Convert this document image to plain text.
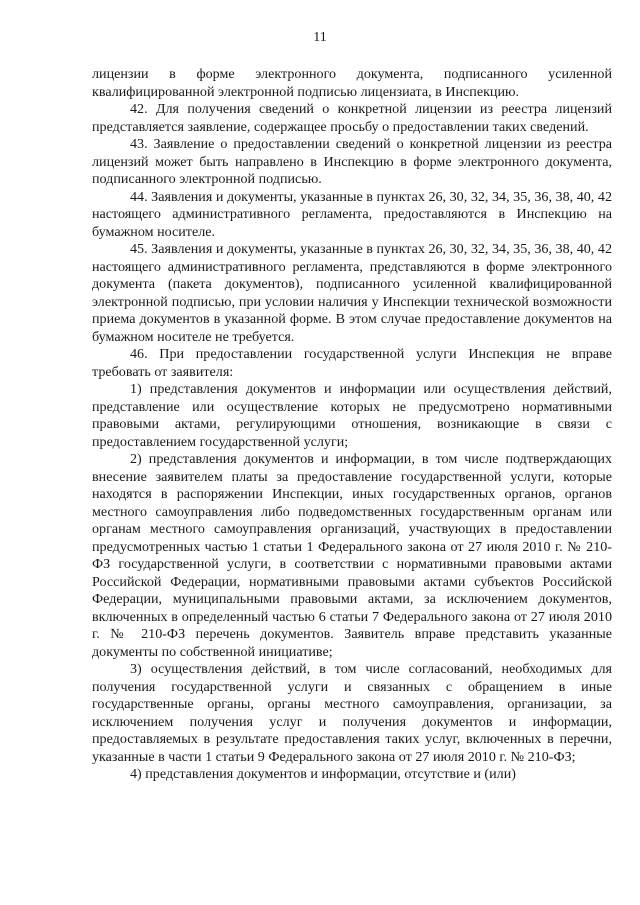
11

лицензии в форме электронного документа, подписанного усиленной квалифицированной электронной подписью лицензиата, в Инспекцию.

42. Для получения сведений о конкретной лицензии из реестра лицензий представляется заявление, содержащее просьбу о предоставлении таких сведений.

43. Заявление о предоставлении сведений о конкретной лицензии из реестра лицензий может быть направлено в Инспекцию в форме электронного документа, подписанного электронной подписью.

44. Заявления и документы, указанные в пунктах 26, 30, 32, 34, 35, 36, 38, 40, 42 настоящего административного регламента, предоставляются в Инспекцию на бумажном носителе.

45. Заявления и документы, указанные в пунктах 26, 30, 32, 34, 35, 36, 38, 40, 42 настоящего административного регламента, представляются в форме электронного документа (пакета документов), подписанного усиленной квалифицированной электронной подписью, при условии наличия у Инспекции технической возможности приема документов в указанной форме. В этом случае предоставление документов на бумажном носителе не требуется.

46. При предоставлении государственной услуги Инспекция не вправе требовать от заявителя:

1) представления документов и информации или осуществления действий, представление или осуществление которых не предусмотрено нормативными правовыми актами, регулирующими отношения, возникающие в связи с предоставлением государственной услуги;

2) представления документов и информации, в том числе подтверждающих внесение заявителем платы за предоставление государственной услуги, которые находятся в распоряжении Инспекции, иных государственных органов, органов местного самоуправления либо подведомственных государственным органам или органам местного самоуправления организаций, участвующих в предоставлении предусмотренных частью 1 статьи 1 Федерального закона от 27 июля 2010 г. № 210-ФЗ государственной услуги, в соответствии с нормативными правовыми актами Российской Федерации, нормативными правовыми актами субъектов Российской Федерации, муниципальными правовыми актами, за исключением документов, включенных в определенный частью 6 статьи 7 Федерального закона от 27 июля 2010 г. № 210-ФЗ перечень документов. Заявитель вправе представить указанные документы по собственной инициативе;

3) осуществления действий, в том числе согласований, необходимых для получения государственной услуги и связанных с обращением в иные государственные органы, органы местного самоуправления, организации, за исключением получения услуг и получения документов и информации, предоставляемых в результате предоставления таких услуг, включенных в перечни, указанные в части 1 статьи 9 Федерального закона от 27 июля 2010 г. № 210-ФЗ;

4) представления документов и информации, отсутствие и (или)
